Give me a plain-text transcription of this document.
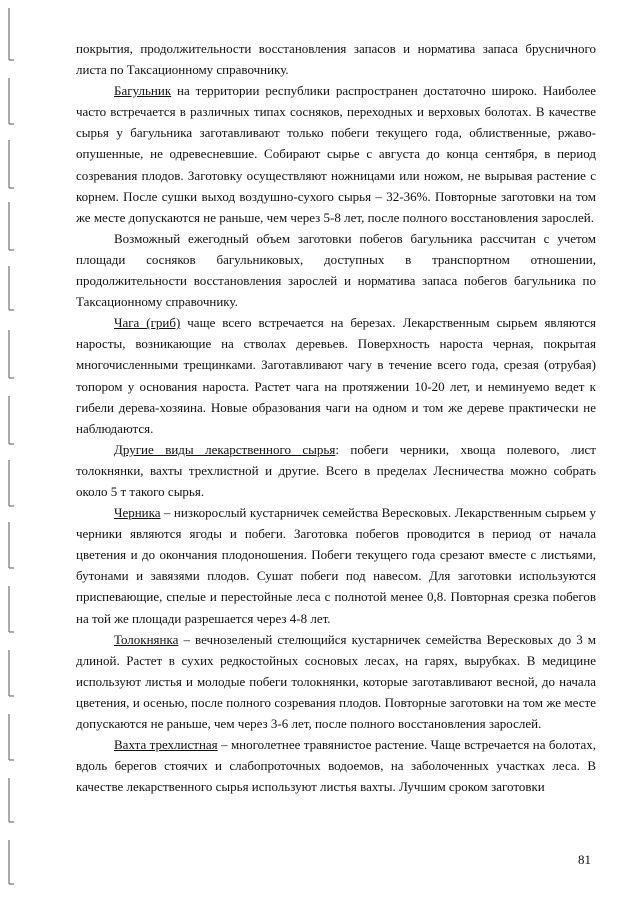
покрытия, продолжительности восстановления запасов и норматива запаса брусничного листа по Таксационному справочнику.

Багульник на территории республики распространен достаточно широко. Наиболее часто встречается в различных типах сосняков, переходных и верховых болотах. В качестве сырья у багульника заготавливают только побеги текущего года, облиственные, ржаво-опушенные, не одревесневшие. Собирают сырье с августа до конца сентября, в период созревания плодов. Заготовку осуществляют ножницами или ножом, не вырывая растение с корнем. После сушки выход воздушно-сухого сырья – 32-36%. Повторные заготовки на том же месте допускаются не раньше, чем через 5-8 лет, после полного восстановления зарослей.

Возможный ежегодный объем заготовки побегов багульника рассчитан с учетом площади сосняков багульниковых, доступных в транспортном отношении, продолжительности восстановления зарослей и норматива запаса побегов багульника по Таксационному справочнику.

Чага (гриб) чаще всего встречается на березах. Лекарственным сырьем являются наросты, возникающие на стволах деревьев. Поверхность нароста черная, покрытая многочисленными трещинками. Заготавливают чагу в течение всего года, срезая (отрубая) топором у основания нароста. Растет чага на протяжении 10-20 лет, и неминуемо ведет к гибели дерева-хозяина. Новые образования чаги на одном и том же дереве практически не наблюдаются.

Другие виды лекарственного сырья: побеги черники, хвоща полевого, лист толокнянки, вахты трехлистной и другие. Всего в пределах Лесничества можно собрать около 5 т такого сырья.

Черника – низкорослый кустарничек семейства Вересковых. Лекарственным сырьем у черники являются ягоды и побеги. Заготовка побегов проводится в период от начала цветения и до окончания плодоношения. Побеги текущего года срезают вместе с листьями, бутонами и завязями плодов. Сушат побеги под навесом. Для заготовки используются приспевающие, спелые и перестойные леса с полнотой менее 0,8. Повторная срезка побегов на той же площади разрешается через 4-8 лет.

Толокнянка – вечнозеленый стелющийся кустарничек семейства Вересковых до 3 м длиной. Растет в сухих редкостойных сосновых лесах, на гарях, вырубках. В медицине используют листья и молодые побеги толокнянки, которые заготавливают весной, до начала цветения, и осенью, после полного созревания плодов. Повторные заготовки на том же месте допускаются не раньше, чем через 3-6 лет, после полного восстановления зарослей.

Вахта трехлистная – многолетнее травянистое растение. Чаще встречается на болотах, вдоль берегов стоячих и слабопроточных водоемов, на заболоченных участках леса. В качестве лекарственного сырья используют листья вахты. Лучшим сроком заготовки

81
